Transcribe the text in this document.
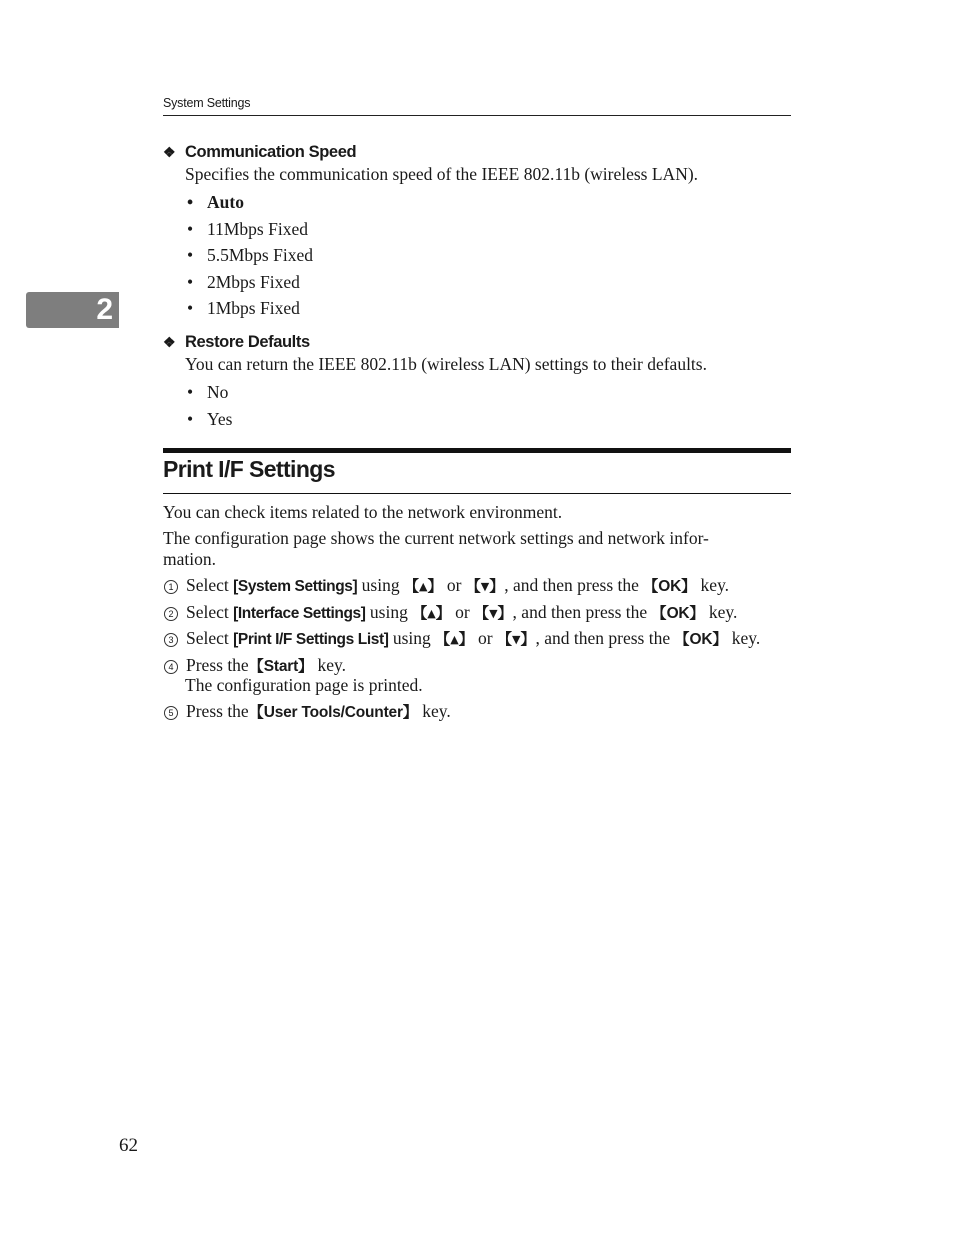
System Settings
2
❖ Communication Speed
Specifies the communication speed of the IEEE 802.11b (wireless LAN).
• Auto
• 11Mbps Fixed
• 5.5Mbps Fixed
• 2Mbps Fixed
• 1Mbps Fixed
❖ Restore Defaults
You can return the IEEE 802.11b (wireless LAN) settings to their defaults.
• No
• Yes
Print I/F Settings
You can check items related to the network environment.
The configuration page shows the current network settings and network infor-
mation.
1 Select [System Settings] using 【▲】 or 【▼】, and then press the 【OK】 key.
2 Select [Interface Settings] using 【▲】 or 【▼】, and then press the 【OK】 key.
3 Select [Print I/F Settings List] using 【▲】 or 【▼】, and then press the 【OK】 key.
4 Press the【Start】 key.
The configuration page is printed.
5 Press the【User Tools/Counter】 key.
62
